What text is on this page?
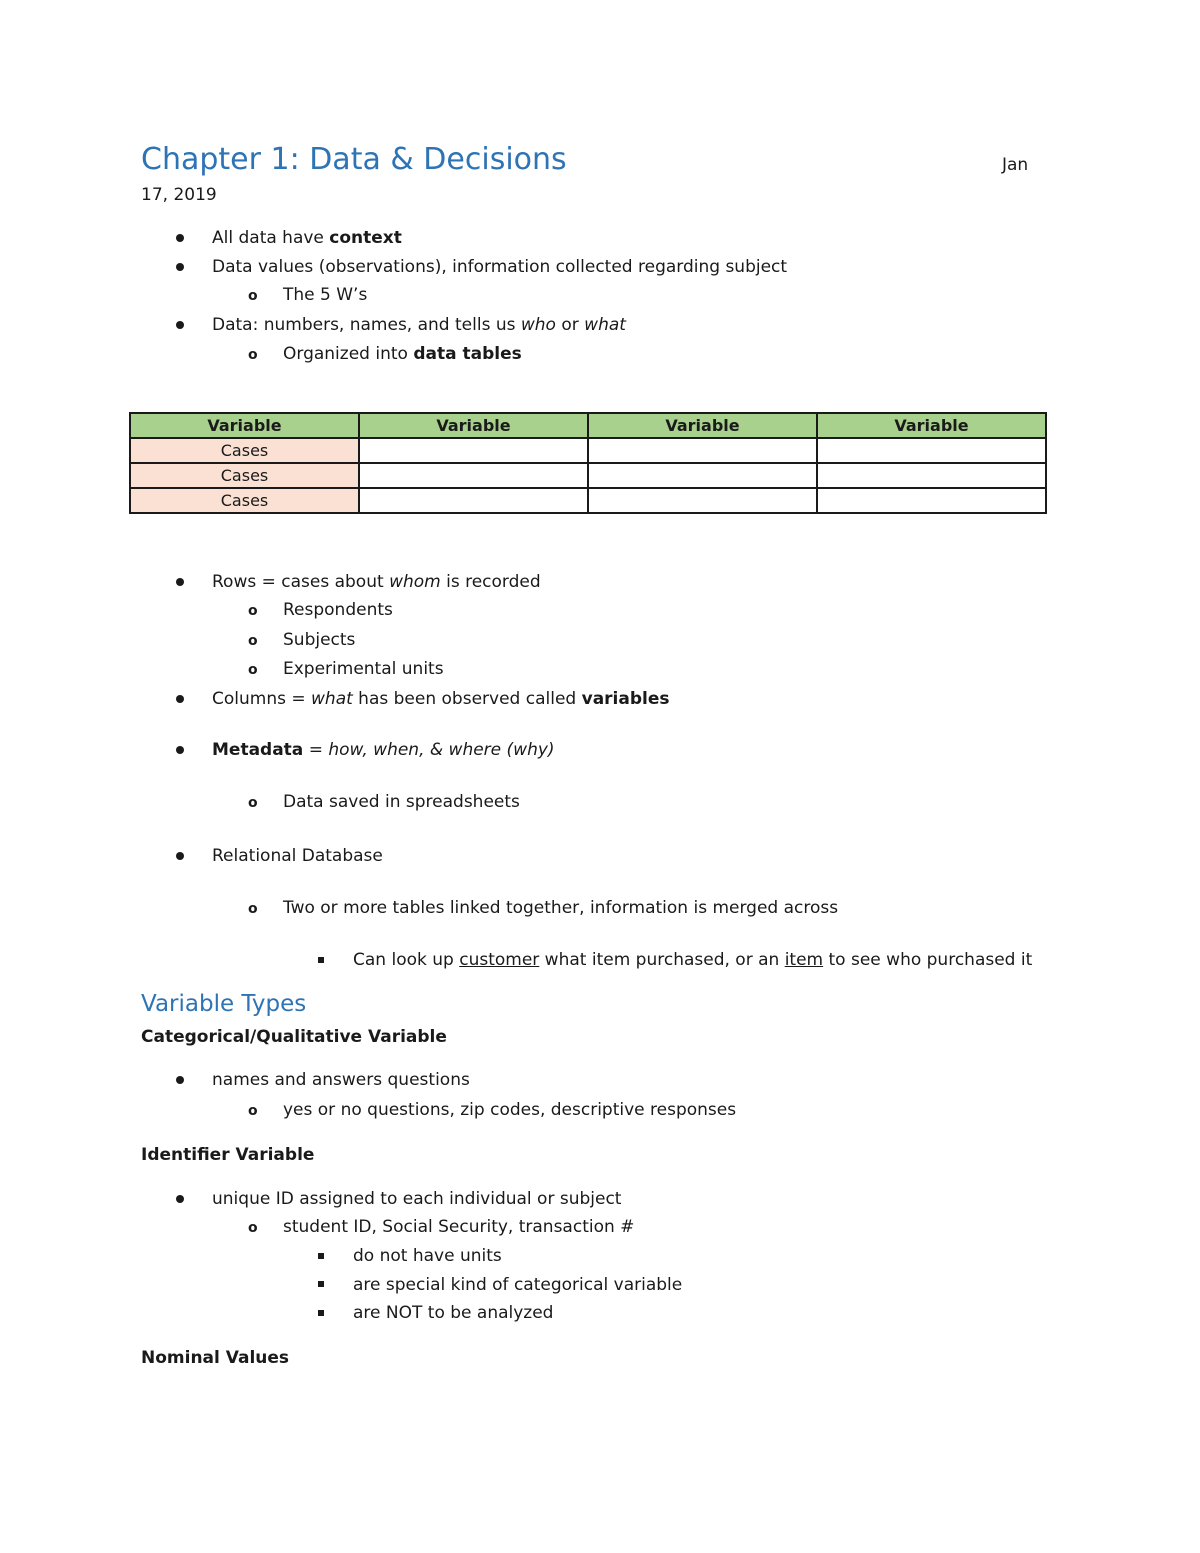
Chapter 1: Data & Decisions	Jan
17, 2019
All data have context
Data values (observations), information collected regarding subject
o The 5 W’s
Data: numbers, names, and tells us who or what
o Organized into data tables
Variable	Variable	Variable	Variable
Cases			
Cases			
Cases			
Rows = cases about whom is recorded
o Respondents
o Subjects
o Experimental units
Columns = what has been observed called variables
Metadata = how, when, & where (why)
o Data saved in spreadsheets
Relational Database
o Two or more tables linked together, information is merged across
Can look up customer what item purchased, or an item to see who purchased it
Variable Types
Categorical/Qualitative Variable
names and answers questions
o yes or no questions, zip codes, descriptive responses
Identifier Variable
unique ID assigned to each individual or subject
o student ID, Social Security, transaction #
do not have units
are special kind of categorical variable
are NOT to be analyzed
Nominal Values
